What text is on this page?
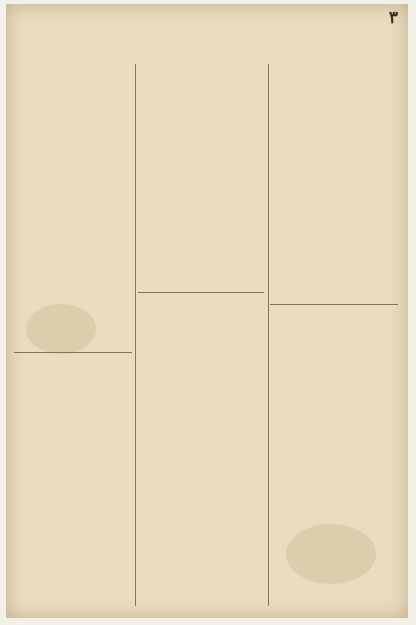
٣
